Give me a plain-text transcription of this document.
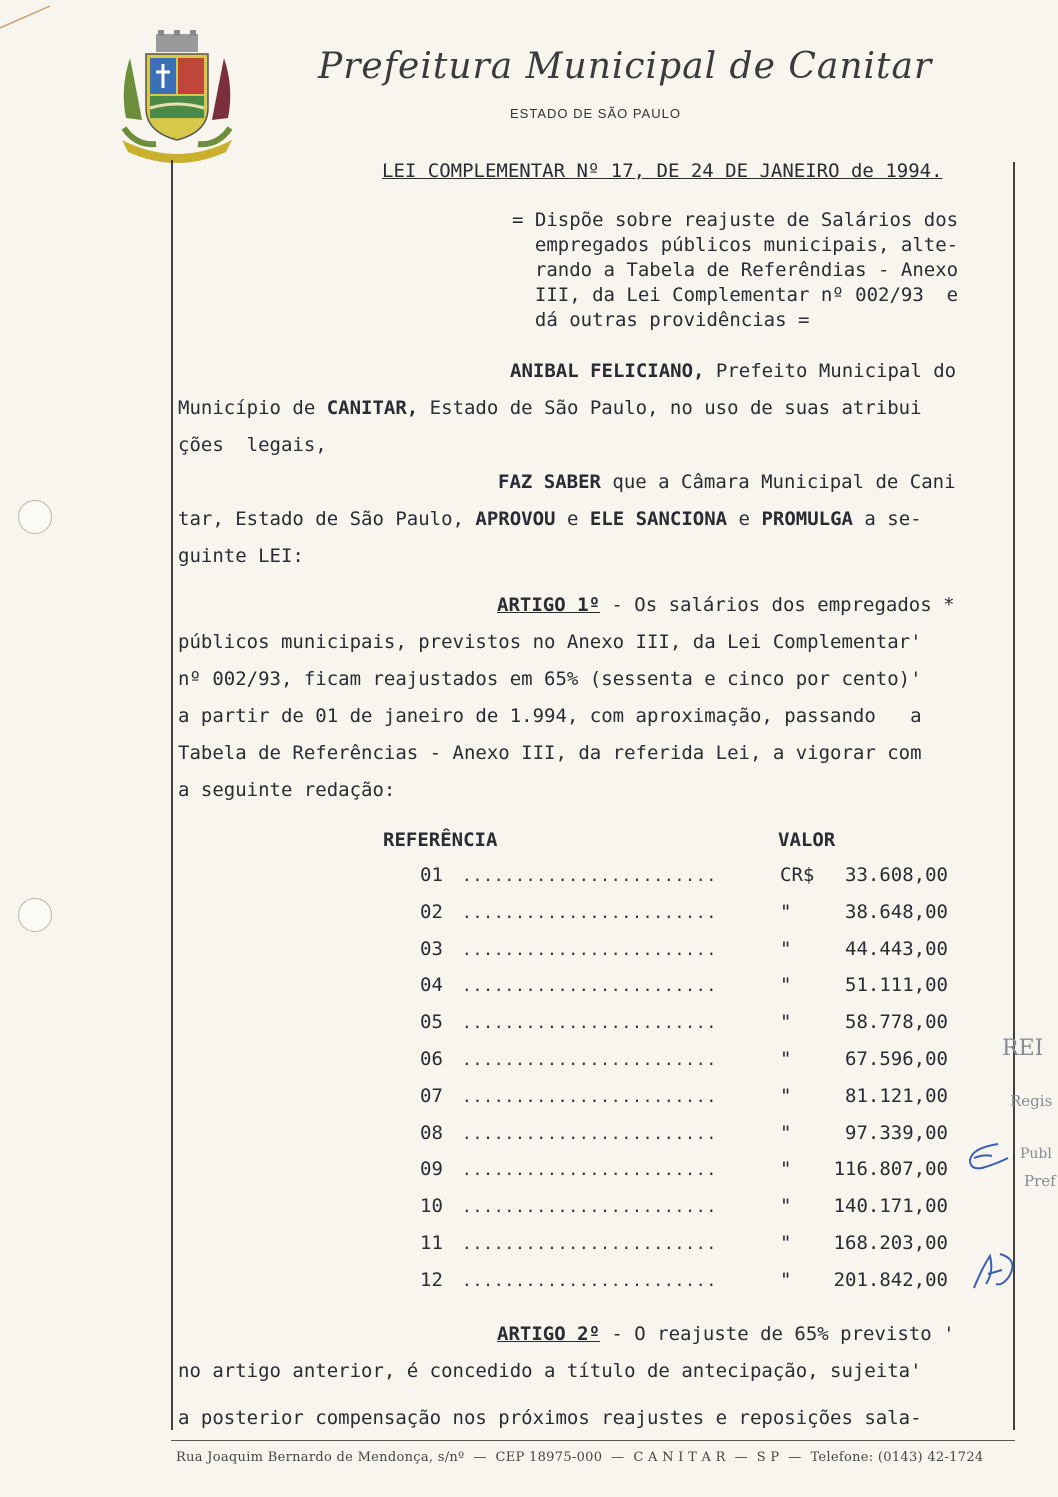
Prefeitura Municipal de Canitar
ESTADO DE SÃO PAULO
LEI COMPLEMENTAR Nº 17, DE 24 DE JANEIRO de 1994.
= Dispõe sobre reajuste de Salários dos
empregados públicos municipais, alte-
rando a Tabela de Referêndias - Anexo
III, da Lei Complementar nº 002/93  e
dá outras providências =
ANIBAL FELICIANO, Prefeito Municipal do
Município de CANITAR, Estado de São Paulo, no uso de suas atribui
ções  legais,
FAZ SABER que a Câmara Municipal de Cani
tar, Estado de São Paulo, APROVOU e ELE SANCIONA e PROMULGA a se-
guinte LEI:
ARTIGO 1º - Os salários dos empregados *
públicos municipais, previstos no Anexo III, da Lei Complementar'
nº 002/93, ficam reajustados em 65% (sessenta e cinco por cento)'
a partir de 01 de janeiro de 1.994, com aproximação, passando   a
Tabela de Referências - Anexo III, da referida Lei, a vigorar com
a seguinte redação:
REFERÊNCIA	VALOR
01 ........................	CR$ 33.608,00
02 ........................	"	38.648,00
03 ........................	"	44.443,00
04 ........................	"	51.111,00
05 ........................	"	58.778,00
06 ........................	"	67.596,00
07 ........................	"	81.121,00
08 ........................	"	97.339,00
09 ........................	" 116.807,00
10 ........................	" 140.171,00
11 ........................	" 168.203,00
12 ........................	" 201.842,00
ARTIGO 2º - O reajuste de 65% previsto '
no artigo anterior, é concedido a título de antecipação, sujeita'
a posterior compensação nos próximos reajustes e reposições sala-
REI
Regis
Publ
Pref
Rua Joaquim Bernardo de Mendonça, s/nº  —  CEP 18975-000  —  C A N I T A R  —  S P  —  Telefone: (0143) 42-1724
